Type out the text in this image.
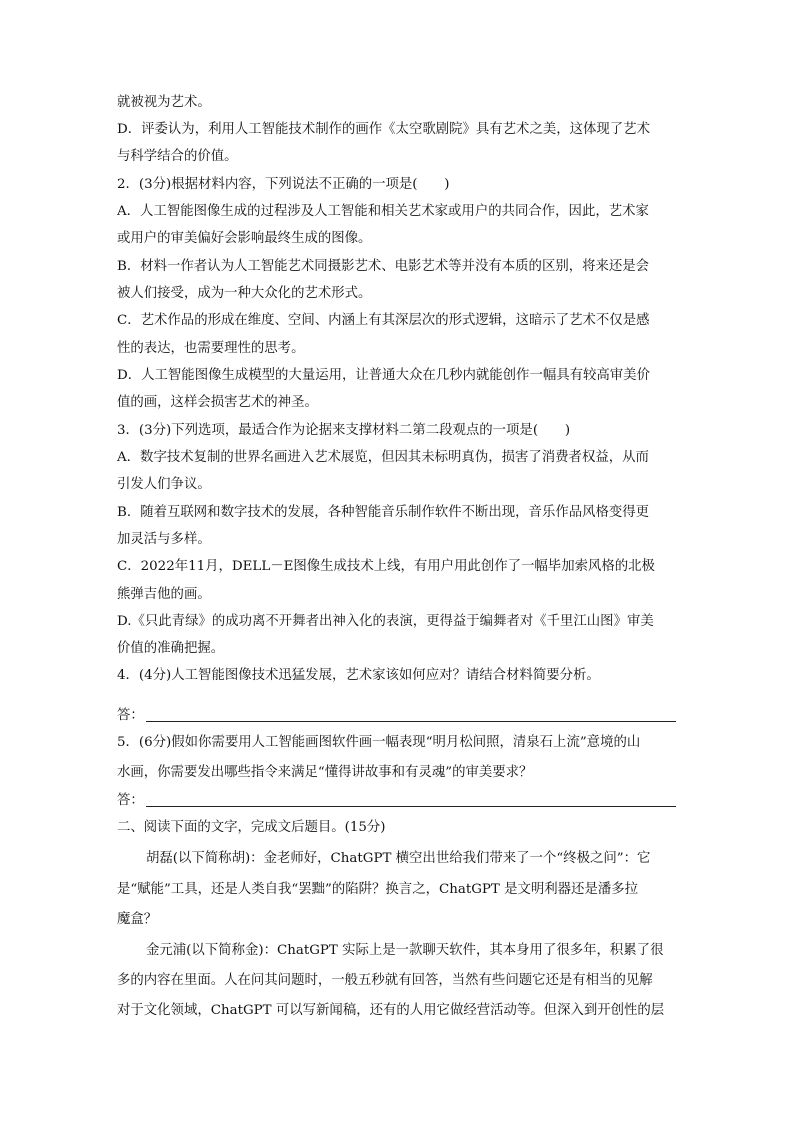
就被视为艺术。
D．评委认为，利用人工智能技术制作的画作《太空歌剧院》具有艺术之美，这体现了艺术
与科学结合的价值。
2．(3分)根据材料内容，下列说法不正确的一项是(　　)
A．人工智能图像生成的过程涉及人工智能和相关艺术家或用户的共同合作，因此，艺术家
或用户的审美偏好会影响最终生成的图像。
B．材料一作者认为人工智能艺术同摄影艺术、电影艺术等并没有本质的区别，将来还是会
被人们接受，成为一种大众化的艺术形式。
C．艺术作品的形成在维度、空间、内涵上有其深层次的形式逻辑，这暗示了艺术不仅是感
性的表达，也需要理性的思考。
D．人工智能图像生成模型的大量运用，让普通大众在几秒内就能创作一幅具有较高审美价
值的画，这样会损害艺术的神圣。
3．(3分)下列选项，最适合作为论据来支撑材料二第二段观点的一项是(　　)
A．数字技术复制的世界名画进入艺术展览，但因其未标明真伪，损害了消费者权益，从而
引发人们争议。
B．随着互联网和数字技术的发展，各种智能音乐制作软件不断出现，音乐作品风格变得更
加灵活与多样。
C．2022年11月，DELL－E图像生成技术上线，有用户用此创作了一幅毕加索风格的北极
熊弹吉他的画。
D.《只此青绿》的成功离不开舞者出神入化的表演，更得益于编舞者对《千里江山图》审美
价值的准确把握。
4．(4分)人工智能图像技术迅猛发展，艺术家该如何应对？请结合材料简要分析。
答：
5．(6分)假如你需要用人工智能画图软件画一幅表现“明月松间照，清泉石上流”意境的山
水画，你需要发出哪些指令来满足“懂得讲故事和有灵魂”的审美要求？
答：
二、阅读下面的文字，完成文后题目。(15分)
胡磊(以下简称胡)：金老师好，ChatGPT 横空出世给我们带来了一个“终极之问”：它
是“赋能”工具，还是人类自我“罢黜”的陷阱？换言之，ChatGPT 是文明利器还是潘多拉
魔盒？
金元浦(以下简称金)：ChatGPT 实际上是一款聊天软件，其本身用了很多年，积累了很
多的内容在里面。人在问其问题时，一般五秒就有回答，当然有些问题它还是有相当的见解
对于文化领域，ChatGPT 可以写新闻稿，还有的人用它做经营活动等。但深入到开创性的层
